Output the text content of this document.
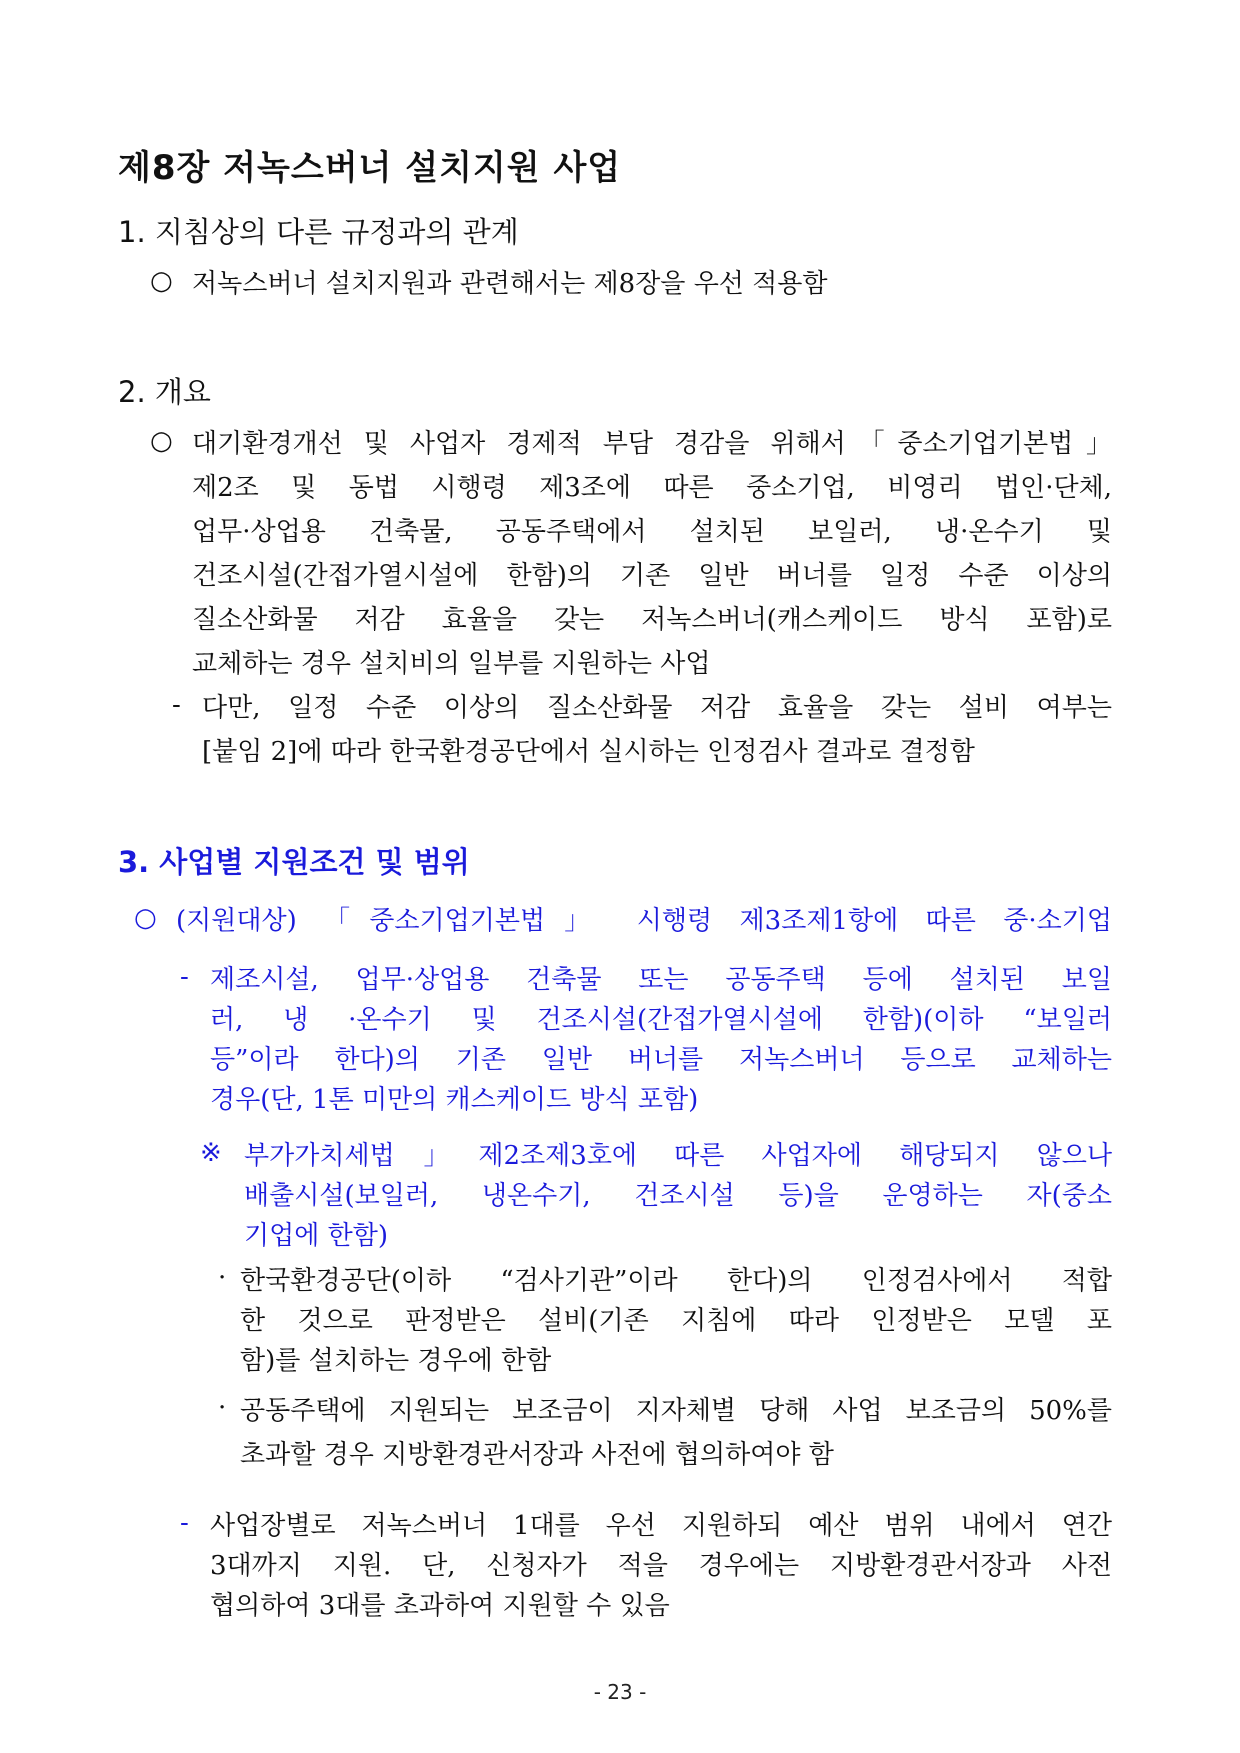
제8장 저녹스버너 설치지원 사업
1. 지침상의 다른 규정과의 관계
○ 저녹스버너 설치지원과 관련해서는 제8장을 우선 적용함
2. 개요
○ 대기환경개선 및 사업자 경제적 부담 경감을 위해서「중소기업기본법」
제2조 및 동법 시행령 제3조에 따른 중소기업, 비영리 법인·단체,
업무·상업용 건축물, 공동주택에서 설치된 보일러, 냉·온수기 및
건조시설(간접가열시설에 한함)의 기존 일반 버너를 일정 수준 이상의
질소산화물 저감 효율을 갖는 저녹스버너(캐스케이드 방식 포함)로
교체하는 경우 설치비의 일부를 지원하는 사업
- 다만, 일정 수준 이상의 질소산화물 저감 효율을 갖는 설비 여부는
[붙임 2]에 따라 한국환경공단에서 실시하는 인정검사 결과로 결정함
3. 사업별 지원조건 및 범위
○ (지원대상) 「중소기업기본법」 시행령 제3조제1항에 따른 중·소기업
- 제조시설, 업무·상업용 건축물 또는 공동주택 등에 설치된 보일
러, 냉 ·온수기 및 건조시설(간접가열시설에 한함)(이하 “보일러
등”이라 한다)의 기존 일반 버너를 저녹스버너 등으로 교체하는
경우(단, 1톤 미만의 캐스케이드 방식 포함)
※ 부가가치세법」제2조제3호에 따른 사업자에 해당되지 않으나
배출시설(보일러, 냉온수기, 건조시설 등)을 운영하는 자(중소
기업에 한함)
· 한국환경공단(이하 “검사기관”이라 한다)의 인정검사에서 적합
한 것으로 판정받은 설비(기존 지침에 따라 인정받은 모델 포
함)를 설치하는 경우에 한함
· 공동주택에 지원되는 보조금이 지자체별 당해 사업 보조금의 50%를
초과할 경우 지방환경관서장과 사전에 협의하여야 함
- 사업장별로 저녹스버너 1대를 우선 지원하되 예산 범위 내에서 연간
3대까지 지원. 단, 신청자가 적을 경우에는 지방환경관서장과 사전
협의하여 3대를 초과하여 지원할 수 있음
- 23 -
